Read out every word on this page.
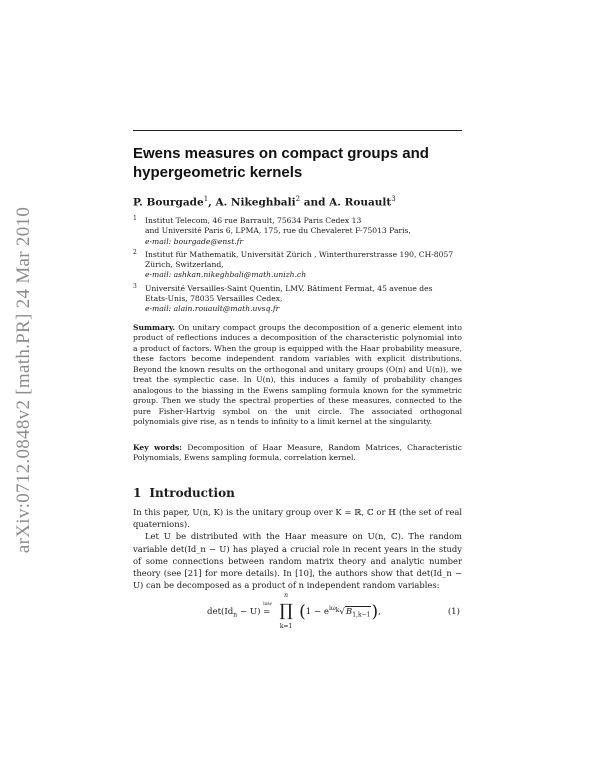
arXiv:0712.0848v2 [math.PR] 24 Mar 2010
Ewens measures on compact groups and hypergeometric kernels
P. Bourgade$^1$, A. Nikeghbali$^2$ and A. Rouault$^3$
1 Institut Telecom, 46 rue Barrault, 75634 Paris Cedex 13
and Université Paris 6, LPMA, 175, rue du Chevaleret F-75013 Paris,
e-mail: bourgade@enst.fr
2 Institut für Mathematik, Universität Zürich , Winterthurerstrasse 190, CH-8057
Zürich, Switzerland,
e-mail: ashkan.nikeghbali@math.unizh.ch
3 Université Versailles-Saint Quentin, LMV, Bâtiment Fermat, 45 avenue des
Etats-Unis, 78035 Versailles Cedex,
e-mail: alain.rouault@math.uvsq.fr
Summary. On unitary compact groups the decomposition of a generic element into product of reflections induces a decomposition of the characteristic polynomial into a product of factors. When the group is equipped with the Haar probability measure, these factors become independent random variables with explicit distributions. Beyond the known results on the orthogonal and unitary groups (O(n) and U(n)), we treat the symplectic case. In U(n), this induces a family of probability changes analogous to the biassing in the Ewens sampling formula known for the symmetric group. Then we study the spectral properties of these measures, connected to the pure Fisher-Hartvig symbol on the unit circle. The associated orthogonal polynomials give rise, as n tends to infinity to a limit kernel at the singularity.
Key words: Decomposition of Haar Measure, Random Matrices, Characteristic Polynomials, Ewens sampling formula, correlation kernel.
1 Introduction

In this paper, U(n, K) is the unitary group over K = ℝ, ℂ or ℍ (the set of real quaternions).

Let U be distributed with the Haar measure on U(n, ℂ). The random variable det(Id_n − U) has played a crucial role in recent years in the study of some connections between random matrix theory and analytic number theory (see [21] for more details). In [10], the authors show that det(Id_n − U) can be decomposed as a product of n independent random variables:

$\det(Id_n - U)$
law
=
n
∏
k=1
$(1 - e^{i\omega_k}√B_{1,k-1})$,	(1)
